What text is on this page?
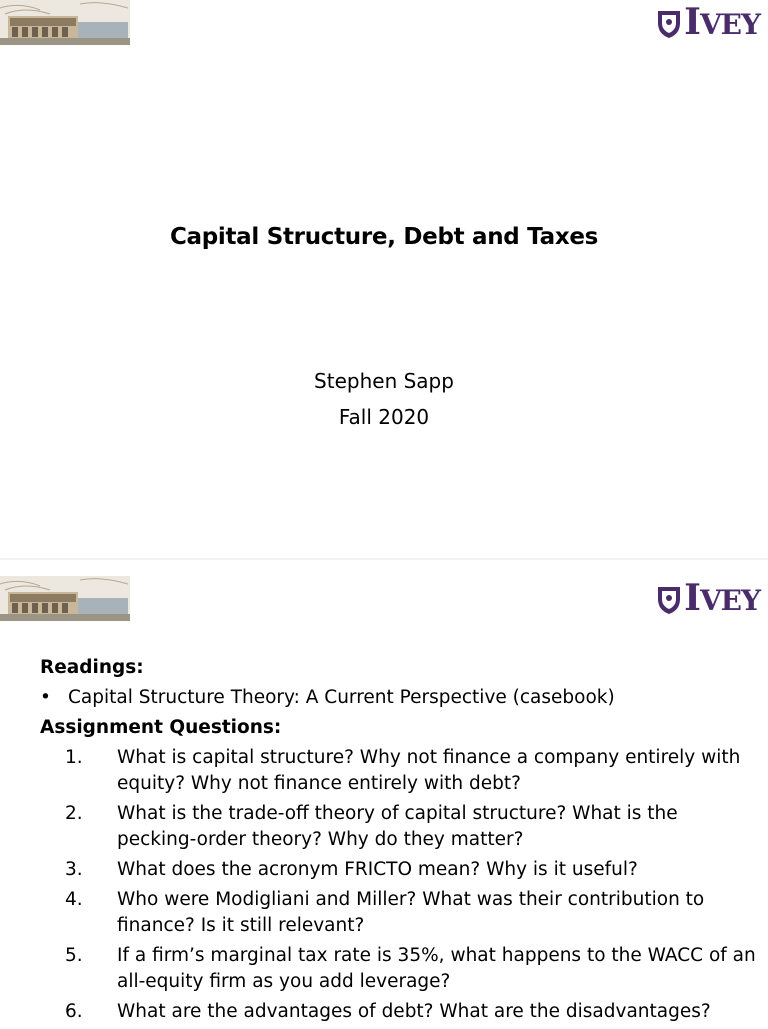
IVEY
Capital Structure, Debt and Taxes
Stephen Sapp
Fall 2020
IVEY
Readings:
• Capital Structure Theory: A Current Perspective (casebook)
Assignment Questions:
1.	What is capital structure? Why not finance a company entirely with equity? Why not finance entirely with debt?
2.	What is the trade-off theory of capital structure? What is the pecking-order theory? Why do they matter?
3.	What does the acronym FRICTO mean? Why is it useful?
4.	Who were Modigliani and Miller? What was their contribution to finance? Is it still relevant?
5.	If a firm’s marginal tax rate is 35%, what happens to the WACC of an all-equity firm as you add leverage?
6.	What are the advantages of debt? What are the disadvantages?
